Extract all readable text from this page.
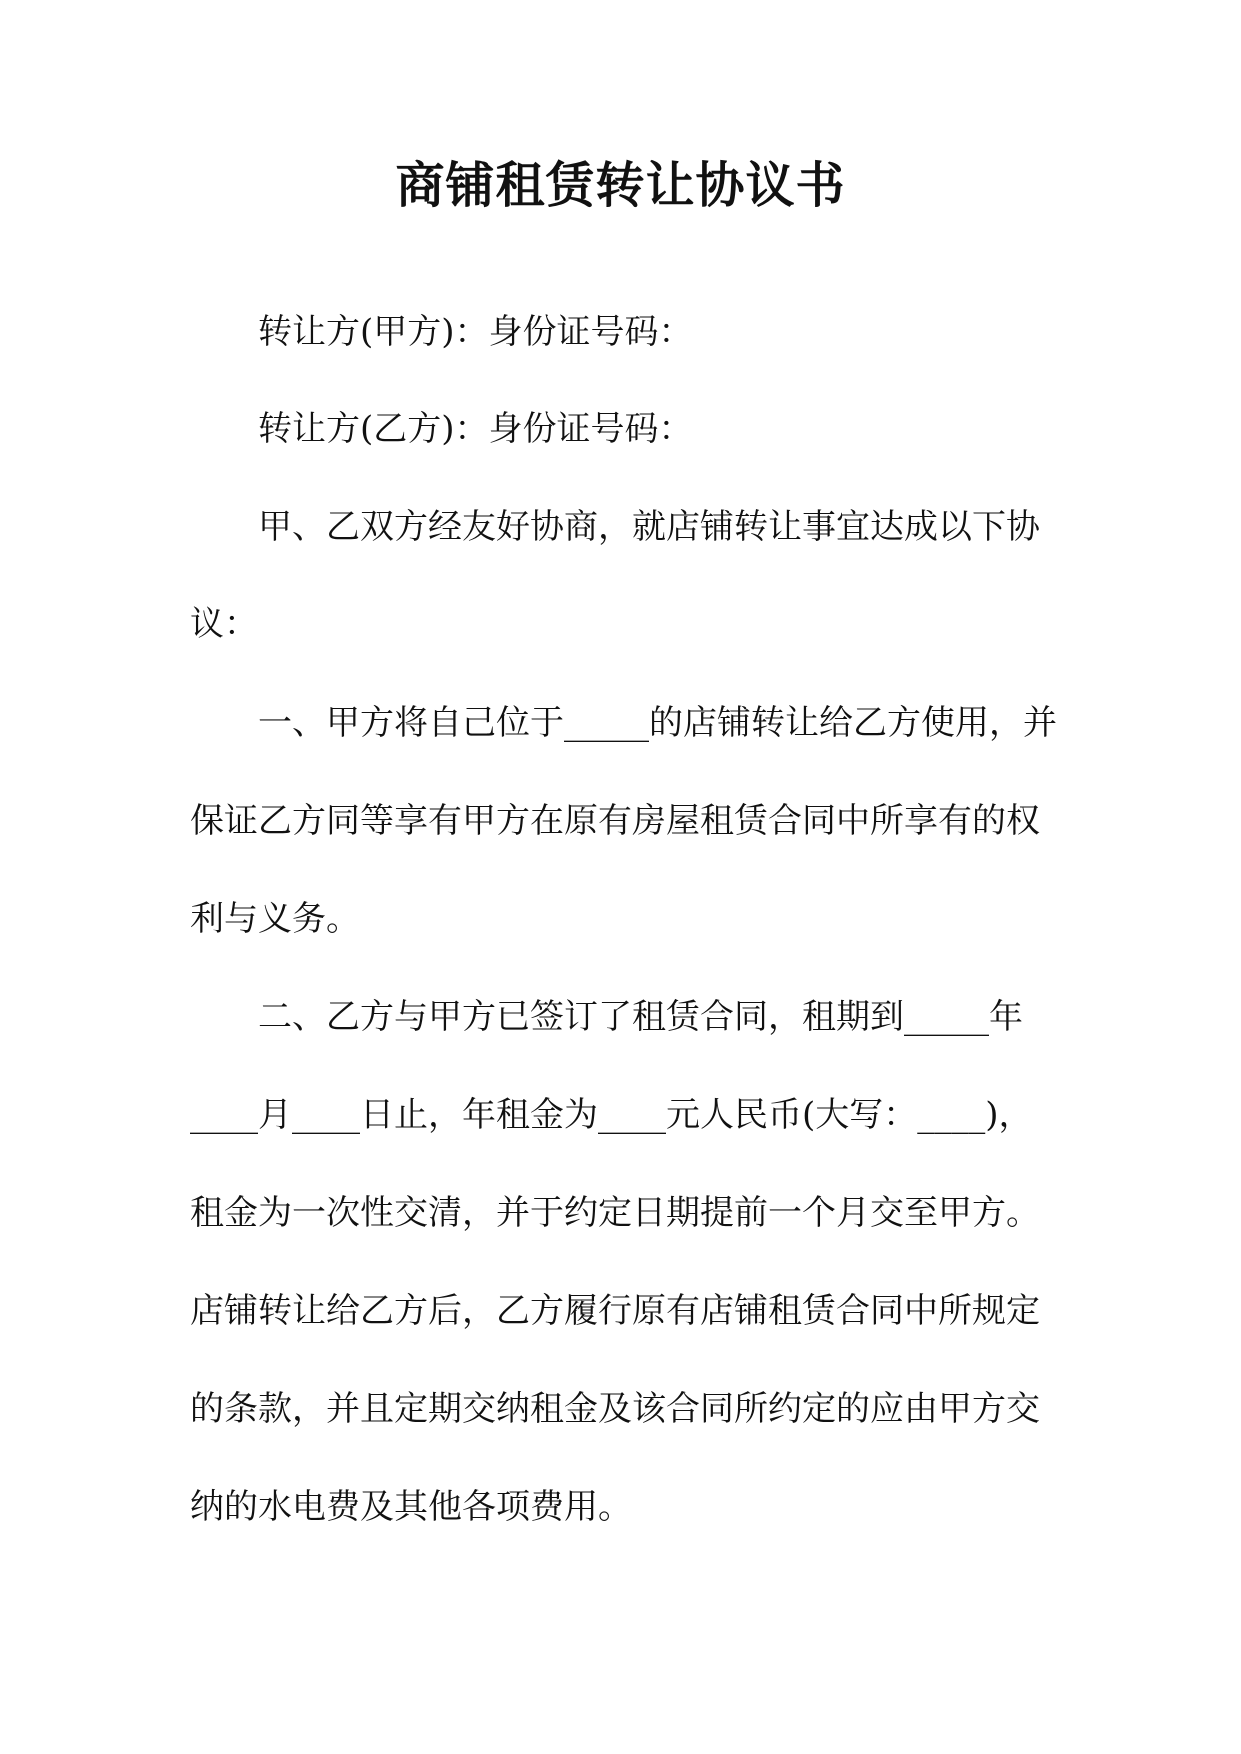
商铺租赁转让协议书

转让方(甲方)：身份证号码：

转让方(乙方)：身份证号码：

甲、乙双方经友好协商，就店铺转让事宜达成以下协

议：

一、甲方将自己位于_____的店铺转让给乙方使用，并

保证乙方同等享有甲方在原有房屋租赁合同中所享有的权

利与义务。

二、乙方与甲方已签订了租赁合同，租期到_____年

____月____日止，年租金为____元人民币(大写：____)，

租金为一次性交清，并于约定日期提前一个月交至甲方。

店铺转让给乙方后，乙方履行原有店铺租赁合同中所规定

的条款，并且定期交纳租金及该合同所约定的应由甲方交

纳的水电费及其他各项费用。
